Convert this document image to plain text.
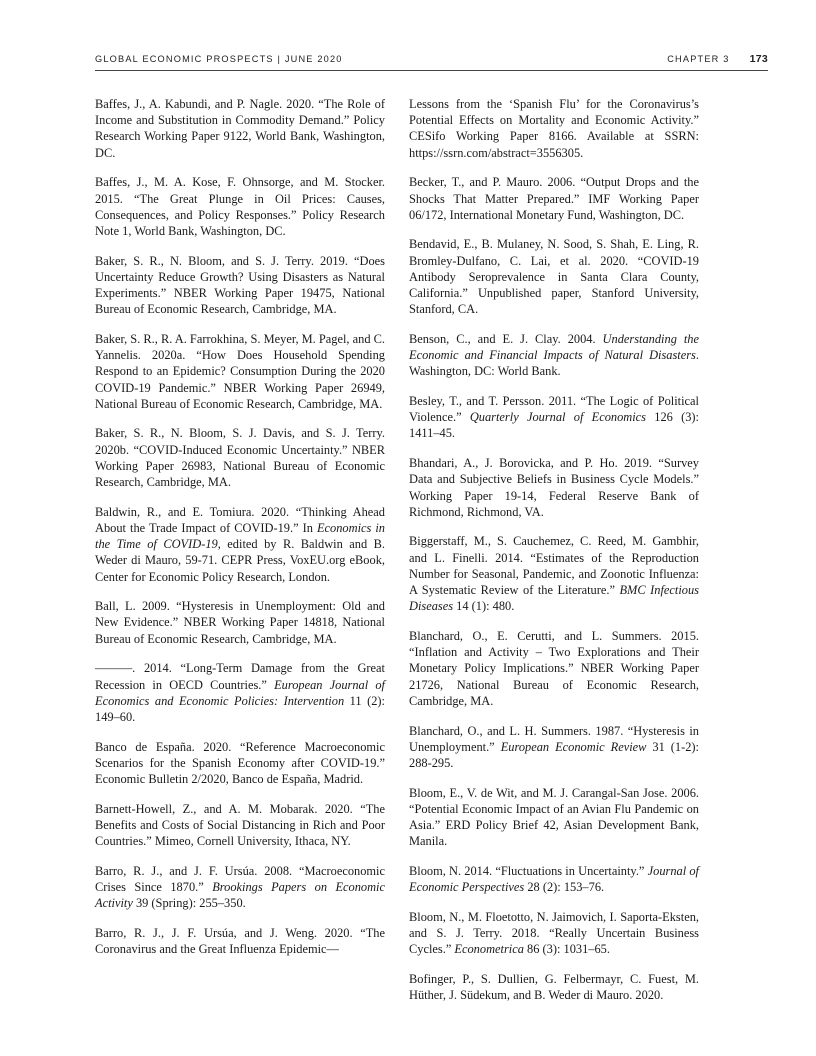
GLOBAL ECONOMIC PROSPECTS | JUNE 2020	CHAPTER 3 173

Baffes, J., A. Kabundi, and P. Nagle. 2020. “The Role of Income and Substitution in Commodity Demand.” Policy Research Working Paper 9122, World Bank, Washington, DC.

Baffes, J., M. A. Kose, F. Ohnsorge, and M. Stocker. 2015. “The Great Plunge in Oil Prices: Causes, Consequences, and Policy Responses.” Policy Research Note 1, World Bank, Washington, DC.

Baker, S. R., N. Bloom, and S. J. Terry. 2019. “Does Uncertainty Reduce Growth? Using Disasters as Natural Experiments.” NBER Working Paper 19475, National Bureau of Economic Research, Cambridge, MA.

Baker, S. R., R. A. Farrokhina, S. Meyer, M. Pagel, and C. Yannelis. 2020a. “How Does Household Spending Respond to an Epidemic? Consumption During the 2020 COVID-19 Pandemic.” NBER Working Paper 26949, National Bureau of Economic Research, Cambridge, MA.

Baker, S. R., N. Bloom, S. J. Davis, and S. J. Terry. 2020b. “COVID-Induced Economic Uncertainty.” NBER Working Paper 26983, National Bureau of Economic Research, Cambridge, MA.

Baldwin, R., and E. Tomiura. 2020. “Thinking Ahead About the Trade Impact of COVID-19.” In Economics in the Time of COVID-19, edited by R. Baldwin and B. Weder di Mauro, 59-71. CEPR Press, VoxEU.org eBook, Center for Economic Policy Research, London.

Ball, L. 2009. “Hysteresis in Unemployment: Old and New Evidence.” NBER Working Paper 14818, National Bureau of Economic Research, Cambridge, MA.

———. 2014. “Long-Term Damage from the Great Recession in OECD Countries.” European Journal of Economics and Economic Policies: Intervention 11 (2): 149–60.

Banco de España. 2020. “Reference Macroeconomic Scenarios for the Spanish Economy after COVID-19.” Economic Bulletin 2/2020, Banco de España, Madrid.

Barnett-Howell, Z., and A. M. Mobarak. 2020. “The Benefits and Costs of Social Distancing in Rich and Poor Countries.” Mimeo, Cornell University, Ithaca, NY.

Barro, R. J., and J. F. Ursúa. 2008. “Macroeconomic Crises Since 1870.” Brookings Papers on Economic Activity 39 (Spring): 255–350.

Barro, R. J., J. F. Ursúa, and J. Weng. 2020. “The Coronavirus and the Great Influenza Epidemic—

Lessons from the ‘Spanish Flu’ for the Coronavirus’s Potential Effects on Mortality and Economic Activity.” CESifo Working Paper 8166. Available at SSRN: https://ssrn.com/abstract=3556305.

Becker, T., and P. Mauro. 2006. “Output Drops and the Shocks That Matter Prepared.” IMF Working Paper 06/172, International Monetary Fund, Washington, DC.

Bendavid, E., B. Mulaney, N. Sood, S. Shah, E. Ling, R. Bromley-Dulfano, C. Lai, et al. 2020. “COVID-19 Antibody Seroprevalence in Santa Clara County, California.” Unpublished paper, Stanford University, Stanford, CA.

Benson, C., and E. J. Clay. 2004. Understanding the Economic and Financial Impacts of Natural Disasters. Washington, DC: World Bank.

Besley, T., and T. Persson. 2011. “The Logic of Political Violence.” Quarterly Journal of Economics 126 (3): 1411–45.

Bhandari, A., J. Borovicka, and P. Ho. 2019. “Survey Data and Subjective Beliefs in Business Cycle Models.” Working Paper 19-14, Federal Reserve Bank of Richmond, Richmond, VA.

Biggerstaff, M., S. Cauchemez, C. Reed, M. Gambhir, and L. Finelli. 2014. “Estimates of the Reproduction Number for Seasonal, Pandemic, and Zoonotic Influenza: A Systematic Review of the Literature.” BMC Infectious Diseases 14 (1): 480.

Blanchard, O., E. Cerutti, and L. Summers. 2015. “Inflation and Activity – Two Explorations and Their Monetary Policy Implications.” NBER Working Paper 21726, National Bureau of Economic Research, Cambridge, MA.

Blanchard, O., and L. H. Summers. 1987. “Hysteresis in Unemployment.” European Economic Review 31 (1-2): 288-295.

Bloom, E., V. de Wit, and M. J. Carangal-San Jose. 2006. “Potential Economic Impact of an Avian Flu Pandemic on Asia.” ERD Policy Brief 42, Asian Development Bank, Manila.

Bloom, N. 2014. “Fluctuations in Uncertainty.” Journal of Economic Perspectives 28 (2): 153–76.

Bloom, N., M. Floetotto, N. Jaimovich, I. Saporta-Eksten, and S. J. Terry. 2018. “Really Uncertain Business Cycles.” Econometrica 86 (3): 1031–65.

Bofinger, P., S. Dullien, G. Felbermayr, C. Fuest, M. Hüther, J. Südekum, and B. Weder di Mauro. 2020.
